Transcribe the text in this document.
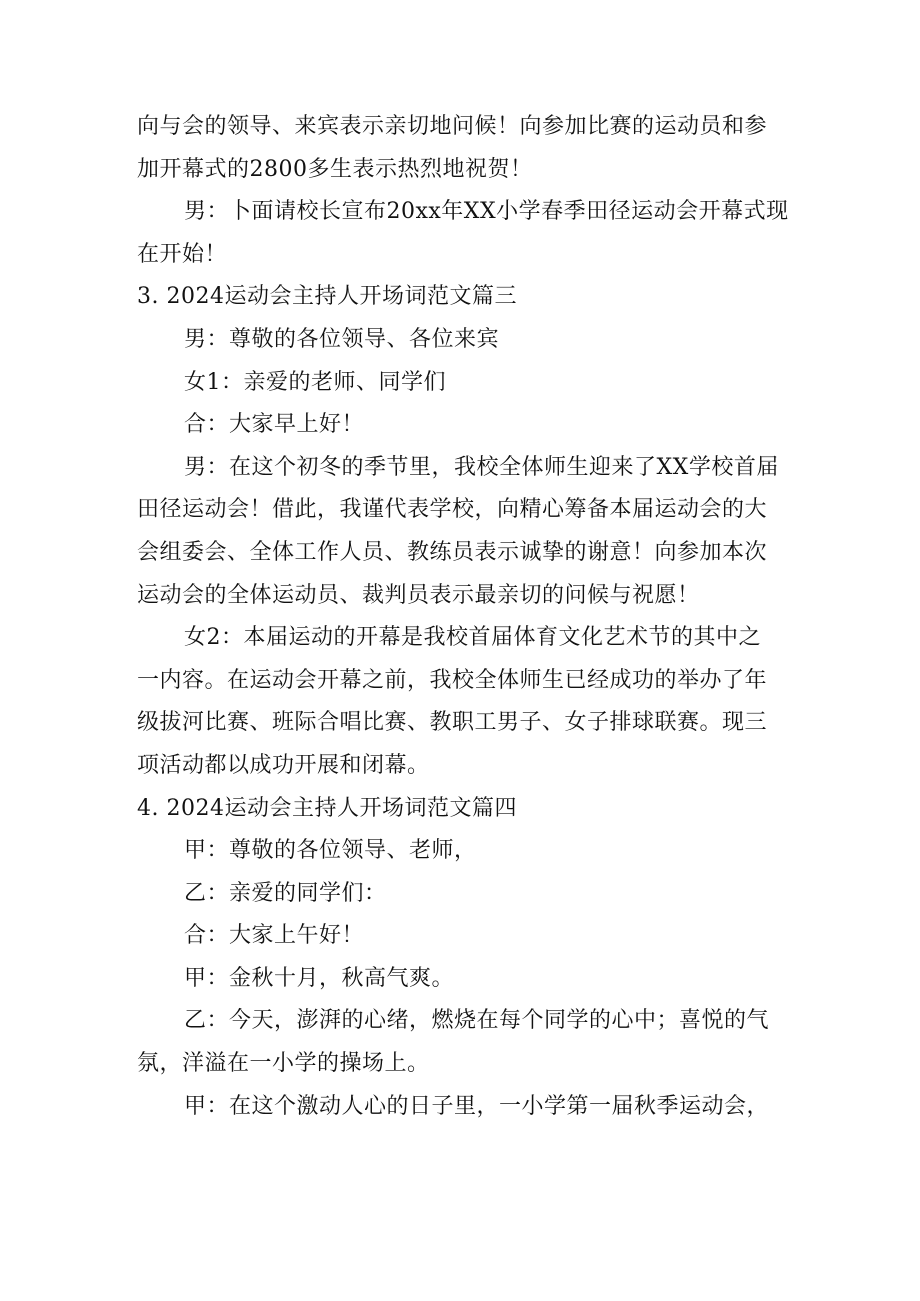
向与会的领导、来宾表示亲切地问候！向参加比赛的运动员和参
加开幕式的2800多生表示热烈地祝贺！
男：卜面请校长宣布20xx年XX小学春季田径运动会开幕式现
在开始！
3. 2024运动会主持人开场词范文篇三
男：尊敬的各位领导、各位来宾
女1：亲爱的老师、同学们
合：大家早上好！
男：在这个初冬的季节里，我校全体师生迎来了XX学校首届
田径运动会！借此，我谨代表学校，向精心筹备本届运动会的大
会组委会、全体工作人员、教练员表示诚挚的谢意！向参加本次
运动会的全体运动员、裁判员表示最亲切的问候与祝愿！
女2：本届运动的开幕是我校首届体育文化艺术节的其中之
一内容。在运动会开幕之前，我校全体师生已经成功的举办了年
级拔河比赛、班际合唱比赛、教职工男子、女子排球联赛。现三
项活动都以成功开展和闭幕。
4. 2024运动会主持人开场词范文篇四
甲：尊敬的各位领导、老师，
乙：亲爱的同学们：
合：大家上午好！
甲：金秋十月，秋高气爽。
乙：今天，澎湃的心绪，燃烧在每个同学的心中；喜悦的气
氛，洋溢在一小学的操场上。
甲：在这个激动人心的日子里，一小学第一届秋季运动会，
